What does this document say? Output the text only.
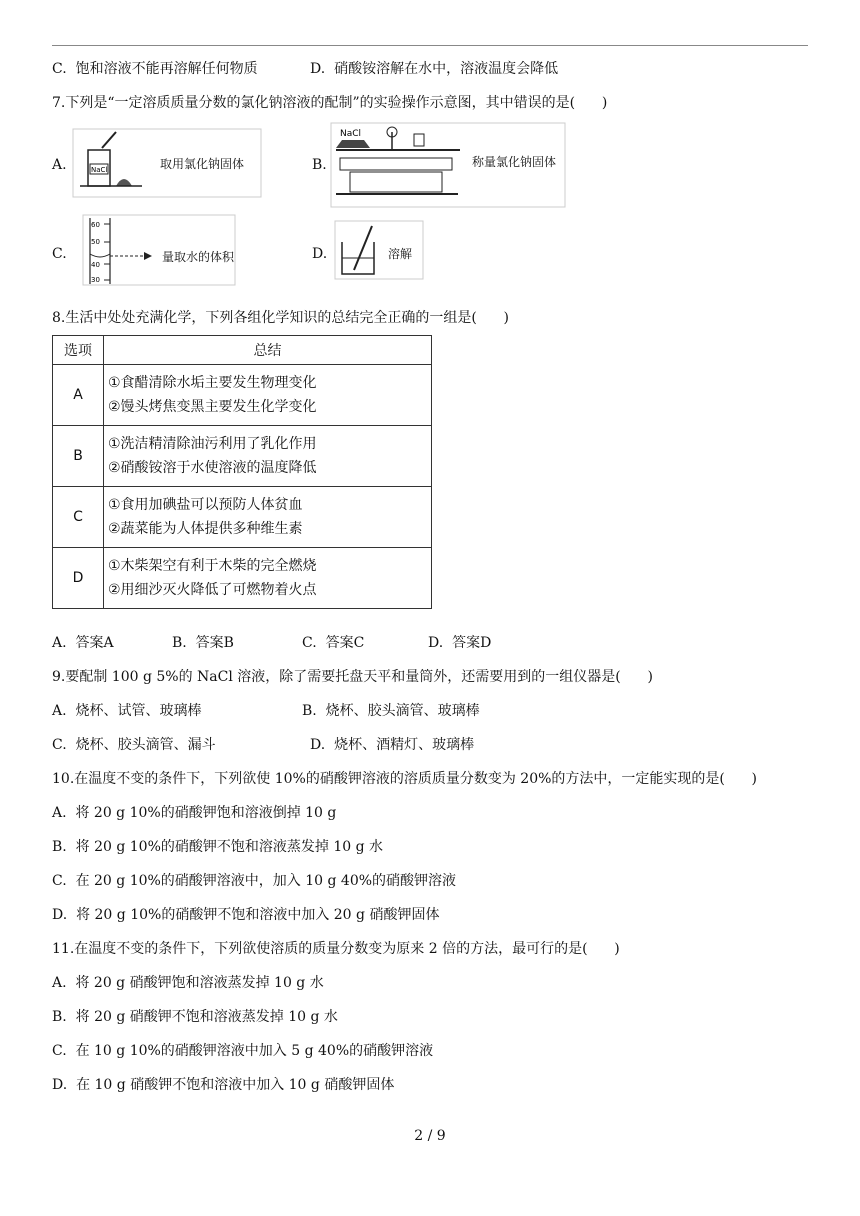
C.  饱和溶液不能再溶解任何物质	D.  硝酸铵溶解在水中，溶液温度会降低
7.下列是“一定溶质质量分数的氯化钠溶液的配制”的实验操作示意图，其中错误的是(      )
A.	NaCl	取用氯化钠固体	B.
NaCl
称量氯化钠固体
C.
60
50
40
30
量取水的体积	D.	溶解
8.生活中处处充满化学，下列各组化学知识的总结完全正确的一组是(      )
选项	总结
A	①食醋清除水垢主要发生物理变化
②馒头烤焦变黑主要发生化学变化

B	①洗洁精清除油污利用了乳化作用
②硝酸铵溶于水使溶液的温度降低

C	①食用加碘盐可以预防人体贫血
②蔬菜能为人体提供多种维生素

D	①木柴架空有利于木柴的完全燃烧
②用细沙灭火降低了可燃物着火点
A.  答案A	B.  答案B	C.  答案C	D.  答案D
9.要配制 100 g 5%的 NaCl 溶液，除了需要托盘天平和量筒外，还需要用到的一组仪器是(      )
A.  烧杯、试管、玻璃棒	B.  烧杯、胶头滴管、玻璃棒
C.  烧杯、胶头滴管、漏斗	D.  烧杯、酒精灯、玻璃棒
10.在温度不变的条件下，下列欲使 10%的硝酸钾溶液的溶质质量分数变为 20%的方法中，一定能实现的是(      )
A.  将 20 g 10%的硝酸钾饱和溶液倒掉 10 g
B.  将 20 g 10%的硝酸钾不饱和溶液蒸发掉 10 g 水
C.  在 20 g 10%的硝酸钾溶液中，加入 10 g 40%的硝酸钾溶液
D.  将 20 g 10%的硝酸钾不饱和溶液中加入 20 g 硝酸钾固体
11.在温度不变的条件下，下列欲使溶质的质量分数变为原来 2 倍的方法，最可行的是(      )
A.  将 20 g 硝酸钾饱和溶液蒸发掉 10 g 水
B.  将 20 g 硝酸钾不饱和溶液蒸发掉 10 g 水
C.  在 10 g 10%的硝酸钾溶液中加入 5 g 40%的硝酸钾溶液
D.  在 10 g 硝酸钾不饱和溶液中加入 10 g 硝酸钾固体
2 / 9
